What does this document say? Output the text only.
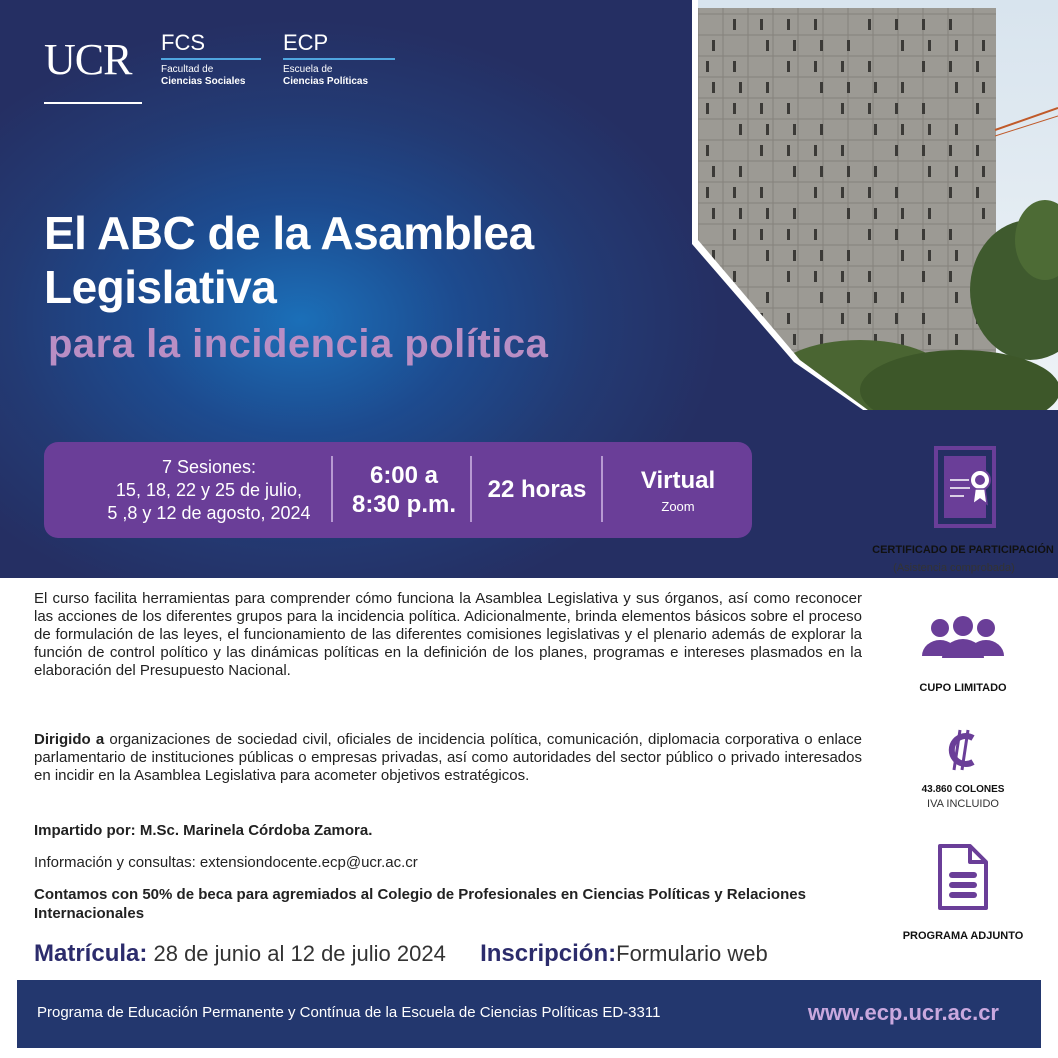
UCR FCS
Facultad de
Ciencias Sociales
ECP
Escuela de
Ciencias Políticas
El ABC de la Asamblea
Legislativa
para la incidencia política
7 Sesiones:
15, 18, 22 y 25 de julio,
5 ,8 y 12 de agosto, 2024
6:00 a
8:30 p.m.
22 horas	Virtual
Zoom

El curso facilita herramientas para comprender cómo funciona la Asamblea Legislativa y sus órganos, así como reconocer las acciones de los diferentes grupos para la incidencia política. Adicionalmente, brinda elementos básicos sobre el proceso de formulación de las leyes, el funcionamiento de las diferentes comisiones legislativas y el plenario además de explorar la función de control político y las dinámicas políticas en la definición de los planes, programas e intereses plasmados en la elaboración del Presupuesto Nacional.

Dirigido a organizaciones de sociedad civil, oficiales de incidencia política, comunicación, diplomacia corporativa o enlace parlamentario de instituciones públicas o empresas privadas, así como autoridades del sector público o privado interesados en incidir en la Asamblea Legislativa para acometer objetivos estratégicos.
Impartido por: M.Sc. Marinela Córdoba Zamora.
Información y consultas: extensiondocente.ecp@ucr.ac.cr
Contamos con 50% de beca para agremiados al Colegio de Profesionales en Ciencias Políticas y Relaciones Internacionales
Matrícula: 28 de junio al 12 de julio 2024 Inscripción:Formulario web
CERTIFICADO DE PARTICIPACIÓN
(Asistencia comprobada)
CUPO LIMITADO
43.860 COLONES
IVA INCLUIDO
PROGRAMA ADJUNTO
Programa de Educación Permanente y Contínua de la Escuela de Ciencias Políticas ED-3311	www.ecp.ucr.ac.cr
